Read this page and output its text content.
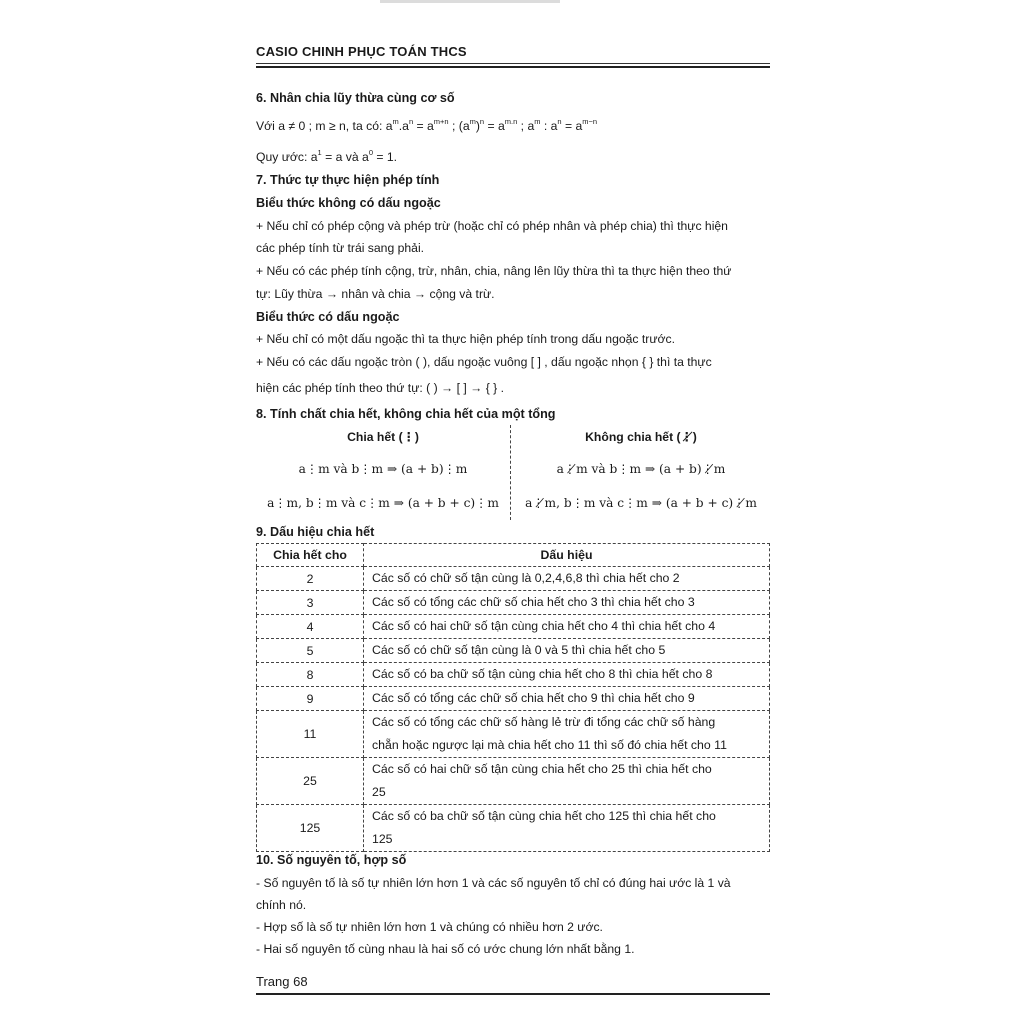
CASIO CHINH PHỤC TOÁN THCS
6. Nhân chia lũy thừa cùng cơ số
Với a ≠ 0 ; m ≥ n, ta có: $a^m.a^n = a^{m+n}$ ; $(a^m)^n = a^{m.n}$ ; $a^m$ : $a^n = a^{m-n}$
Quy ước: $a^1 = a$ và $a^0 = 1$.
7. Thức tự thực hiện phép tính
Biểu thức không có dấu ngoặc
+ Nếu chỉ có phép cộng và phép trừ (hoặc chỉ có phép nhân và phép chia) thì thực hiện
các phép tính từ trái sang phải.
+ Nếu có các phép tính cộng, trừ, nhân, chia, nâng lên lũy thừa thì ta thực hiện theo thứ
tự: Lũy thừa → nhân và chia → cộng và trừ.
Biểu thức có dấu ngoặc
+ Nếu chỉ có một dấu ngoặc thì ta thực hiện phép tính trong dấu ngoặc trước.
+ Nếu có các dấu ngoặc tròn ( ), dấu ngoặc vuông [ ] , dấu ngoặc nhọn { } thì ta thực
hiện các phép tính theo thứ tự: ( ) → [ ] → { } .
8. Tính chất chia hết, không chia hết của một tổng
Chia hết (⋮)	Không chia hết (⋮̸)
a⋮m và b⋮m ⇒ (a + b)⋮m	a⋮̸m và b⋮m ⇒ (a + b)⋮̸m
a⋮m, b⋮m và c⋮m ⇒ (a + b + c)⋮m	a⋮̸m, b⋮m và c⋮m ⇒ (a + b + c)⋮̸m
9. Dấu hiệu chia hết
Chia hết cho	Dấu hiệu
2	Các số có chữ số tận cùng là 0,2,4,6,8 thì chia hết cho 2
3	Các số có tổng các chữ số chia hết cho 3 thì chia hết cho 3
4	Các số có hai chữ số tận cùng chia hết cho 4 thì chia hết cho 4
5	Các số có chữ số tận cùng là 0 và 5 thì chia hết cho 5
8	Các số có ba chữ số tận cùng chia hết cho 8 thì chia hết cho 8
9	Các số có tổng các chữ số chia hết cho 9 thì chia hết cho 9
11	Các số có tổng các chữ số hàng lẻ trừ đi tổng các chữ số hàng
chẵn hoặc ngược lại mà chia hết cho 11 thì số đó chia hết cho 11

25	Các số có hai chữ số tận cùng chia hết cho 25 thì chia hết cho
25

125	Các số có ba chữ số tận cùng chia hết cho 125 thì chia hết cho
125
10. Số nguyên tố, hợp số
- Số nguyên tố là số tự nhiên lớn hơn 1 và các số nguyên tố chỉ có đúng hai ước là 1 và
chính nó.
- Hợp số là số tự nhiên lớn hơn 1 và chúng có nhiều hơn 2 ước.
- Hai số nguyên tố cùng nhau là hai số có ước chung lớn nhất bằng 1.
Trang 68
